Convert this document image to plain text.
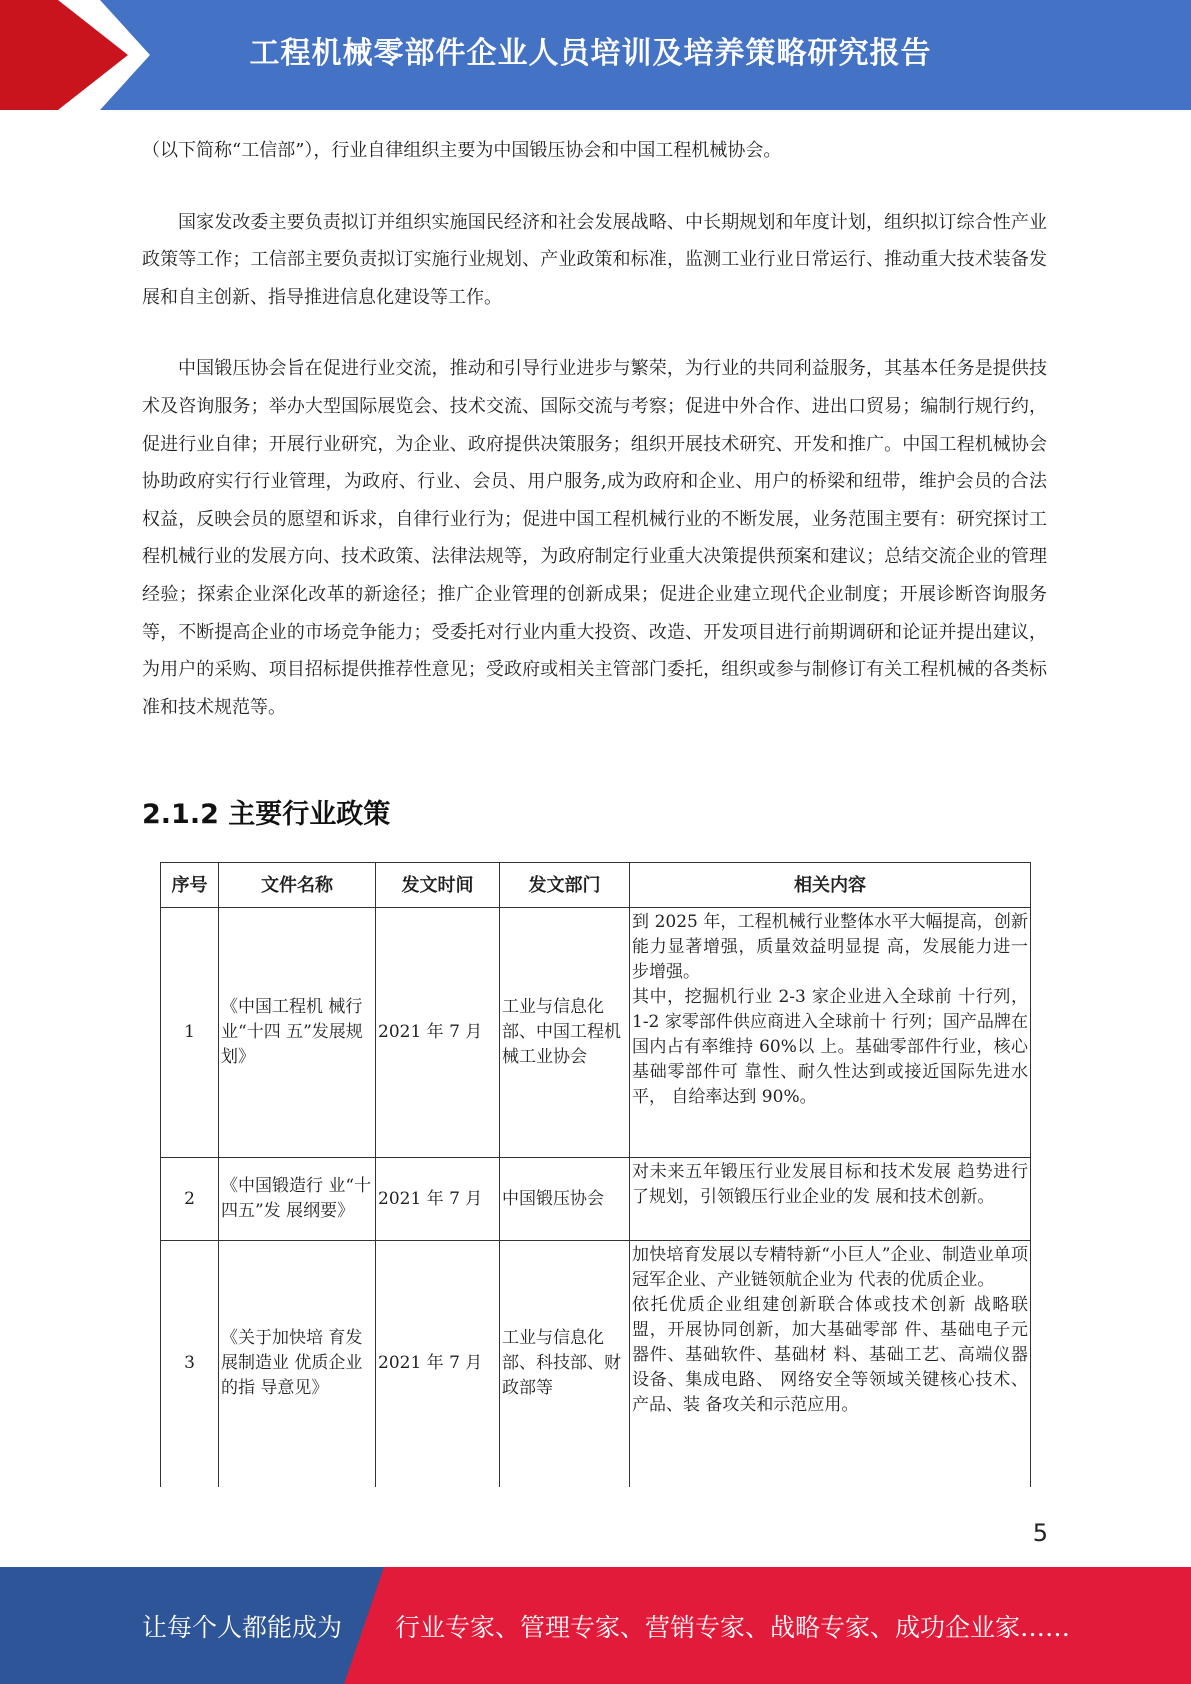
工程机械零部件企业人员培训及培养策略研究报告

（以下简称“工信部”），行业自律组织主要为中国锻压协会和中国工程机械协会。

国家发改委主要负责拟订并组织实施国民经济和社会发展战略、中长期规划和年度计划，组织拟订综合性产业政策等工作；工信部主要负责拟订实施行业规划、产业政策和标准，监测工业行业日常运行、推动重大技术装备发展和自主创新、指导推进信息化建设等工作。

中国锻压协会旨在促进行业交流，推动和引导行业进步与繁荣，为行业的共同利益服务，其基本任务是提供技术及咨询服务；举办大型国际展览会、技术交流、国际交流与考察；促进中外合作、进出口贸易；编制行规行约，促进行业自律；开展行业研究，为企业、政府提供决策服务；组织开展技术研究、开发和推广。中国工程机械协会协助政府实行行业管理，为政府、行业、会员、用户服务,成为政府和企业、用户的桥梁和纽带，维护会员的合法权益，反映会员的愿望和诉求，自律行业行为；促进中国工程机械行业的不断发展，业务范围主要有：研究探讨工程机械行业的发展方向、技术政策、法律法规等，为政府制定行业重大决策提供预案和建议；总结交流企业的管理经验；探索企业深化改革的新途径；推广企业管理的创新成果；促进企业建立现代企业制度；开展诊断咨询服务等，不断提高企业的市场竞争能力；受委托对行业内重大投资、改造、开发项目进行前期调研和论证并提出建议，为用户的采购、项目招标提供推荐性意见；受政府或相关主管部门委托，组织或参与制修订有关工程机械的各类标准和技术规范等。

2.1.2 主要行业政策
序号	文件名称	发文时间	发文部门	相关内容
1	《中国工程机 械行业“十四 五”发展规划》	2021 年 7 月	工业与信息化部、中国工程机械工业协会	到 2025 年，工程机械行业整体水平大幅提高，创新能力显著增强，质量效益明显提 高，发展能力进一步增强。
其中，挖掘机行业 2-3 家企业进入全球前 十行列，1-2 家零部件供应商进入全球前十 行列；国产品牌在国内占有率维持 60%以 上。基础零部件行业，核心基础零部件可 靠性、耐久性达到或接近国际先进水平， 自给率达到 90%。
2	《中国锻造行 业“十四五”发 展纲要》	2021 年 7 月	中国锻压协会	对未来五年锻压行业发展目标和技术发展 趋势进行了规划，引领锻压行业企业的发 展和技术创新。
3	《关于加快培 育发展制造业 优质企业的指 导意见》	2021 年 7 月	工业与信息化部、科技部、财政部等	加快培育发展以专精特新“小巨人”企业、制造业单项冠军企业、产业链领航企业为 代表的优质企业。
依托优质企业组建创新联合体或技术创新 战略联盟，开展协同创新，加大基础零部 件、基础电子元器件、基础软件、基础材 料、基础工艺、高端仪器设备、集成电路、 网络安全等领域关键核心技术、产品、装 备攻关和示范应用。
5
让每个人都能成为 行业专家、管理专家、营销专家、战略专家、成功企业家……
